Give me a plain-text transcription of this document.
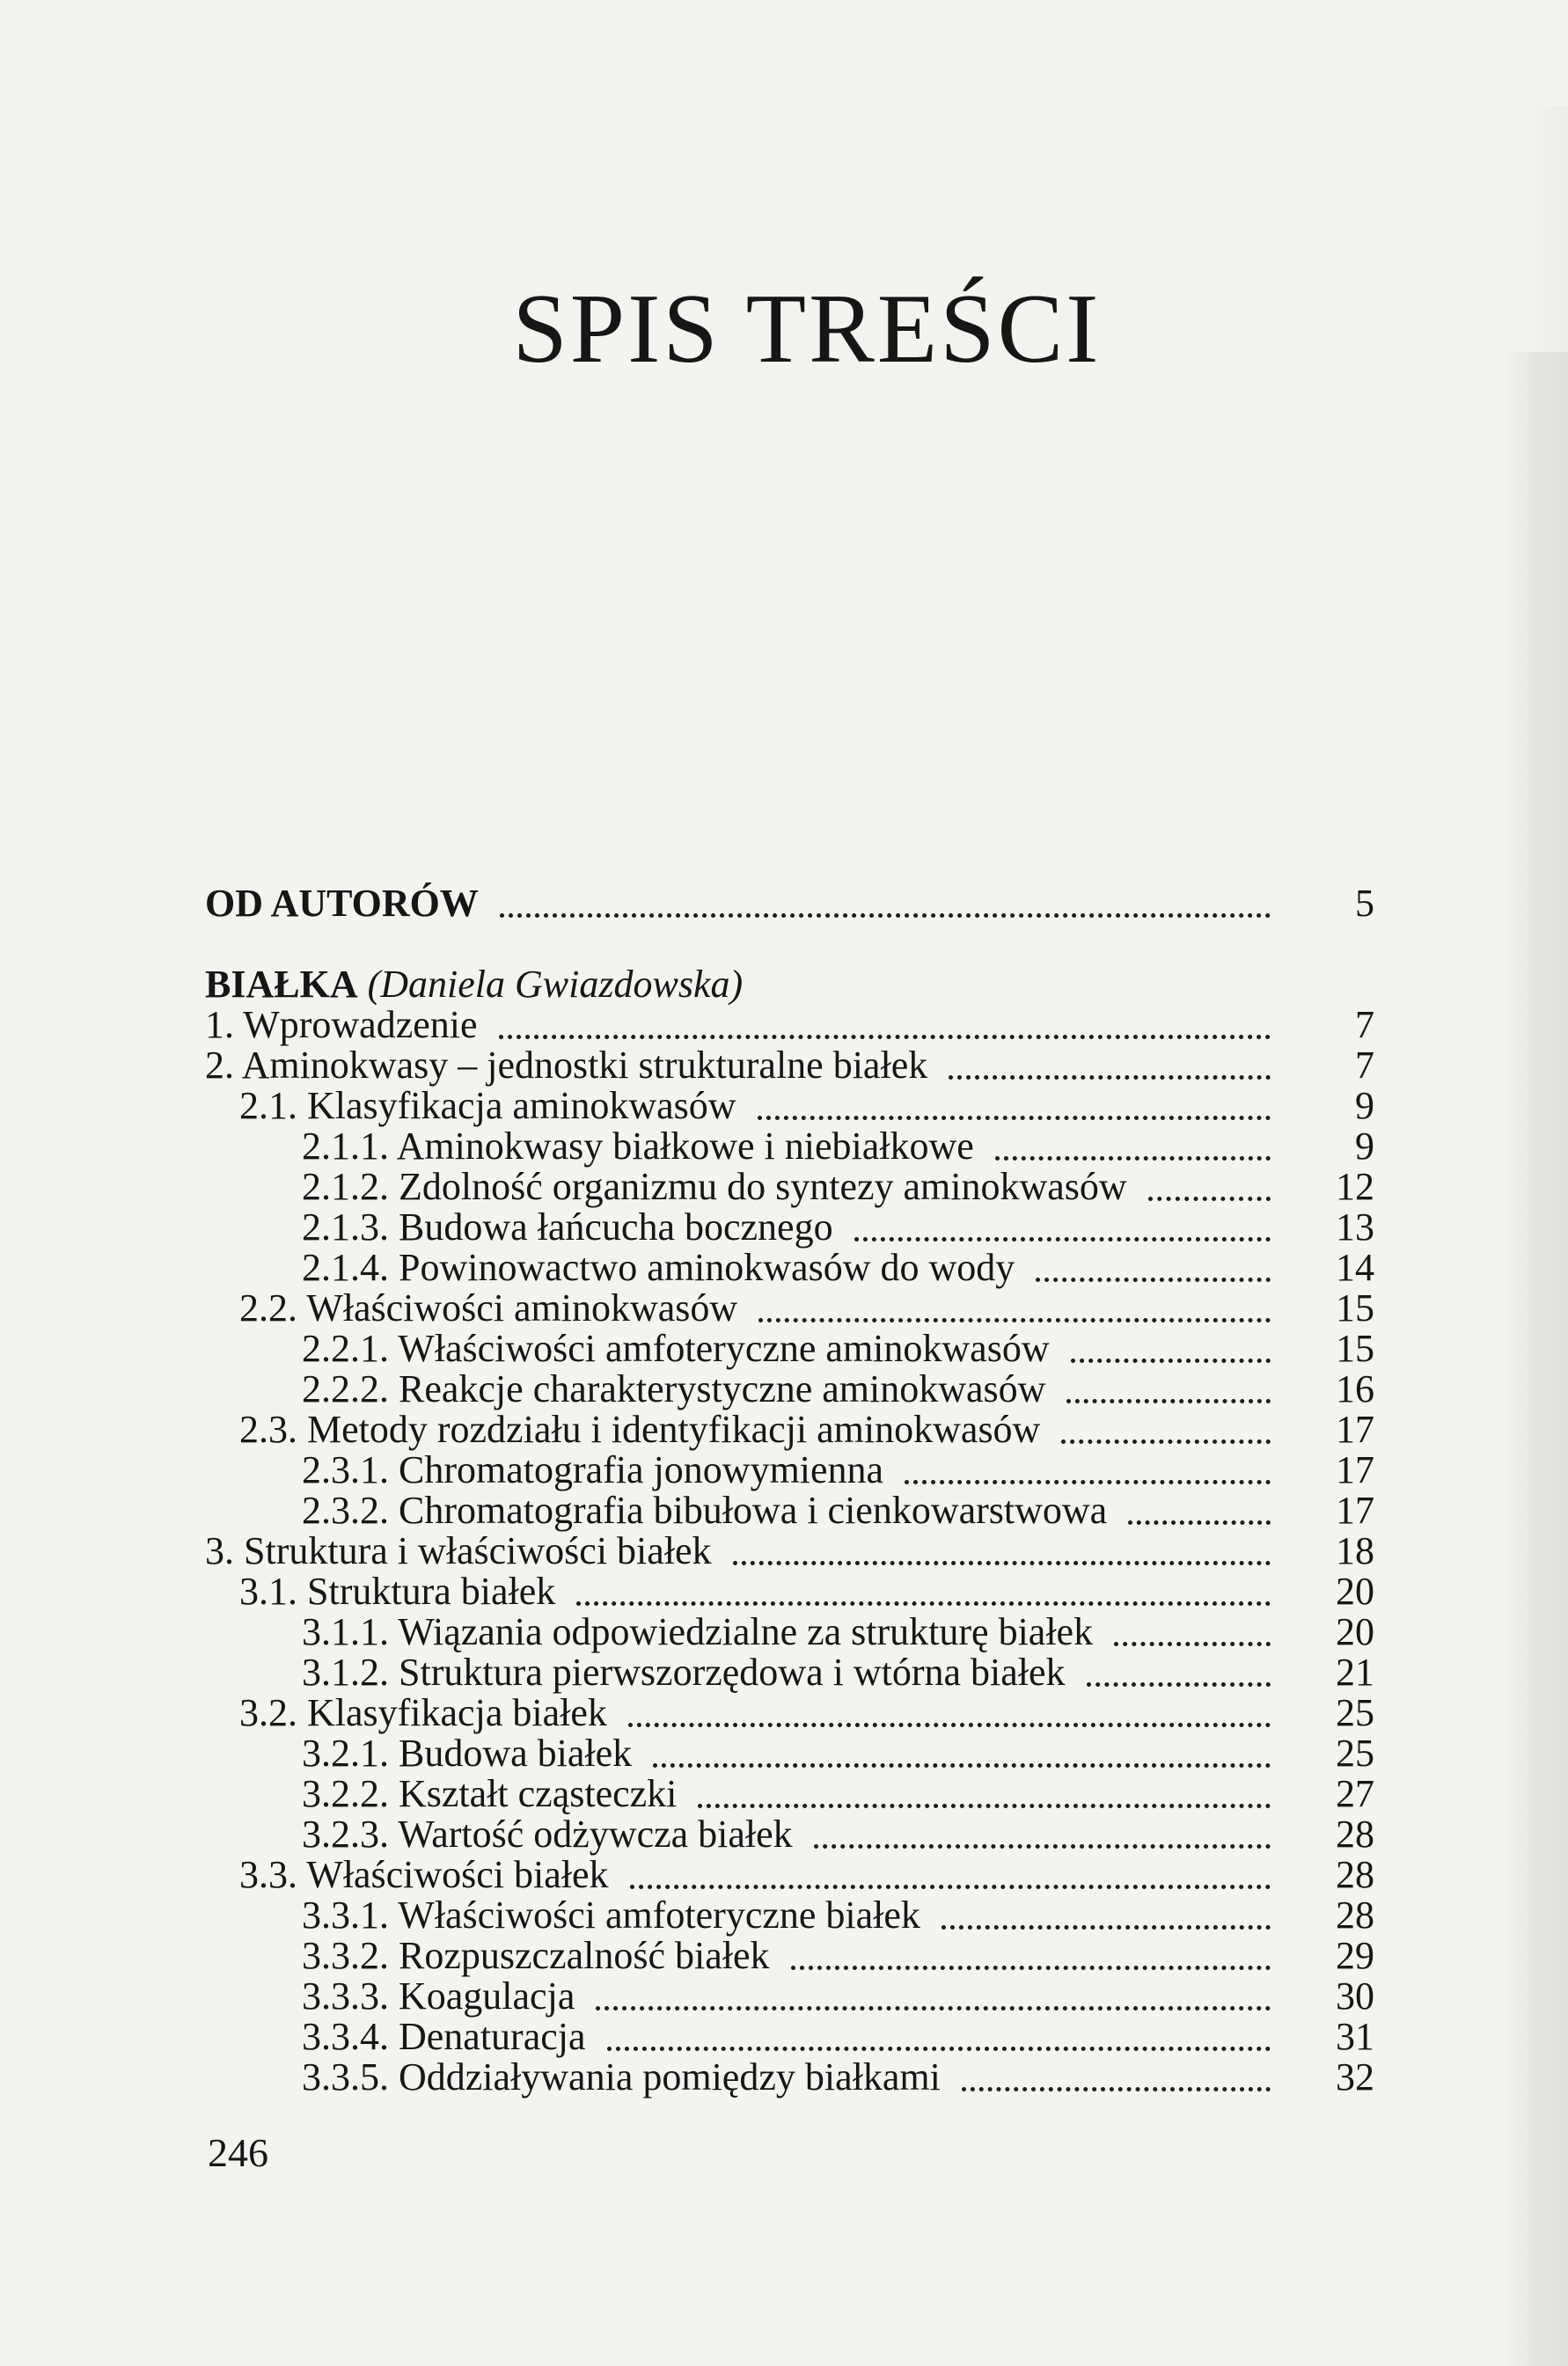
SPIS TREŚCI
OD AUTORÓW	5
BIAŁKA (Daniela Gwiazdowska)
1. Wprowadzenie	7
2. Aminokwasy – jednostki strukturalne białek	7
2.1. Klasyfikacja aminokwasów	9
2.1.1. Aminokwasy białkowe i niebiałkowe	9
2.1.2. Zdolność organizmu do syntezy aminokwasów	12
2.1.3. Budowa łańcucha bocznego	13
2.1.4. Powinowactwo aminokwasów do wody	14
2.2. Właściwości aminokwasów	15
2.2.1. Właściwości amfoteryczne aminokwasów	15
2.2.2. Reakcje charakterystyczne aminokwasów	16
2.3. Metody rozdziału i identyfikacji aminokwasów	17
2.3.1. Chromatografia jonowymienna	17
2.3.2. Chromatografia bibułowa i cienkowarstwowa	17
3. Struktura i właściwości białek	18
3.1. Struktura białek	20
3.1.1. Wiązania odpowiedzialne za strukturę białek	20
3.1.2. Struktura pierwszorzędowa i wtórna białek	21
3.2. Klasyfikacja białek	25
3.2.1. Budowa białek	25
3.2.2. Kształt cząsteczki	27
3.2.3. Wartość odżywcza białek	28
3.3. Właściwości białek	28
3.3.1. Właściwości amfoteryczne białek	28
3.3.2. Rozpuszczalność białek	29
3.3.3. Koagulacja	30
3.3.4. Denaturacja	31
3.3.5. Oddziaływania pomiędzy białkami	32
246
